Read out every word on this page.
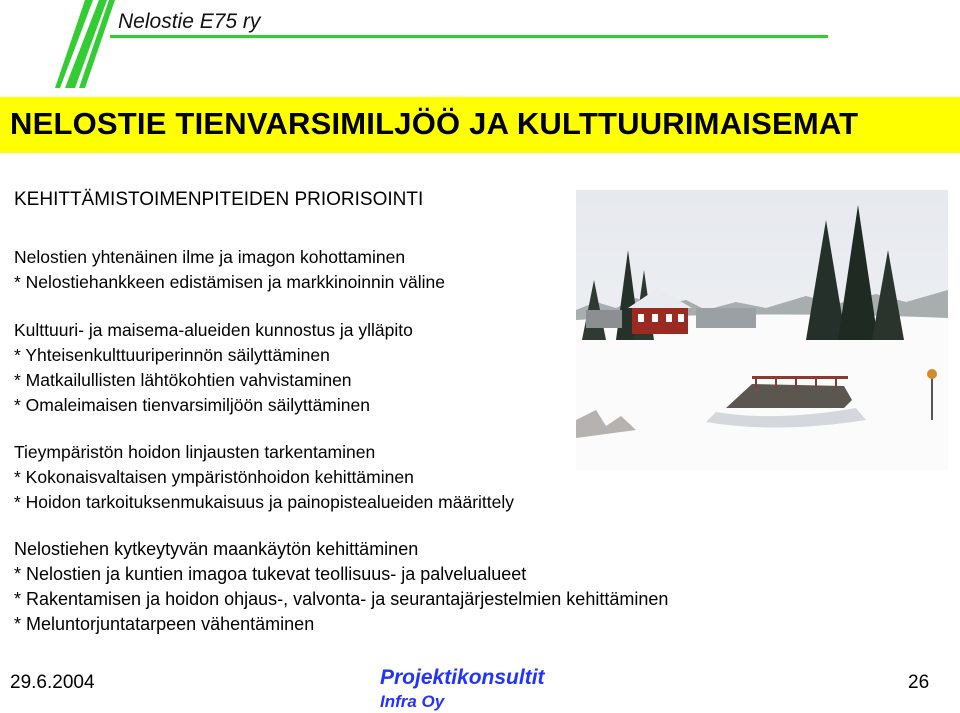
Nelostie E75 ry
NELOSTIE TIENVARSIMILJÖÖ JA KULTTUURIMAISEMAT
KEHITTÄMISTOIMENPITEIDEN PRIORISOINTI
Nelostien yhtenäinen ilme ja imagon kohottaminen
* Nelostiehankkeen edistämisen ja markkinoinnin väline
Kulttuuri- ja maisema-alueiden kunnostus ja ylläpito
* Yhteisenkulttuuriperinnön säilyttäminen
* Matkailullisten lähtökohtien vahvistaminen
* Omaleimaisen tienvarsimiljöön säilyttäminen
Tieympäristön hoidon linjausten tarkentaminen
* Kokonaisvaltaisen ympäristönhoidon kehittäminen
* Hoidon tarkoituksenmukaisuus ja painopistealueiden määrittely
Nelostiehen kytkeytyvän maankäytön kehittäminen
* Nelostien ja kuntien imagoa tukevat teollisuus- ja palvelualueet
* Rakentamisen ja hoidon ohjaus-, valvonta- ja seurantajärjestelmien kehittäminen
* Meluntorjuntatarpeen vähentäminen
29.6.2004	Projektikonsultit
Infra Oy
26
